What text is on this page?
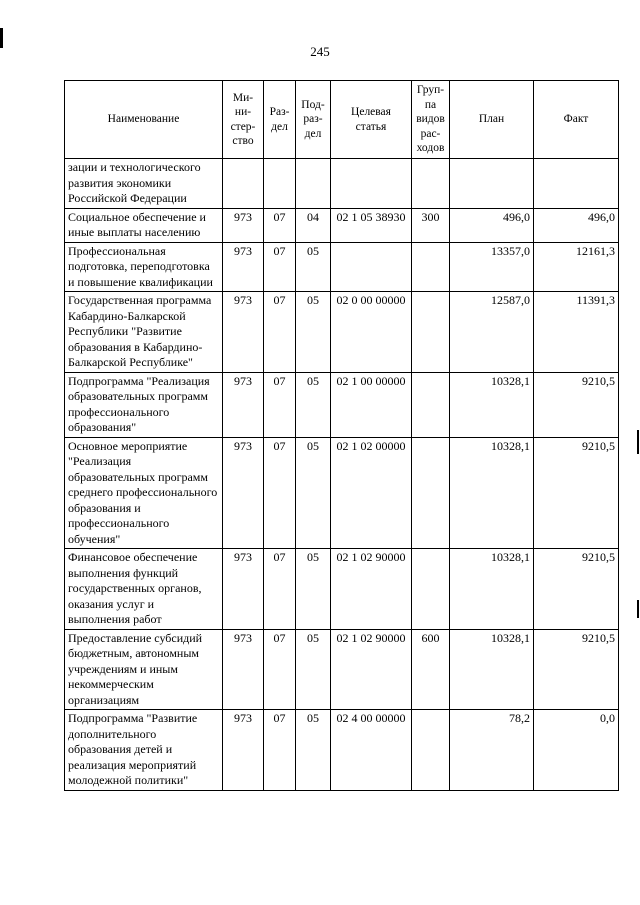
245
Наименование	Ми-
ни-
стер-
ство	Раз-
дел	Под-
раз-
дел	Целевая
статья	Груп-
па
видов
рас-
ходов	План	Факт
зации и технологического развития экономики Российской Федерации							
Социальное обеспечение и иные выплаты населению	973	07	04	02 1 05 38930	300	496,0	496,0
Профессиональная подготовка, переподготовка и повышение квалификации	973	07	05			13357,0	12161,3
Государственная программа Кабардино-Балкарской Республики "Развитие образования в Кабардино-Балкарской Республике"	973	07	05	02 0 00 00000		12587,0	11391,3
Подпрограмма "Реализация образовательных программ профессионального образования"	973	07	05	02 1 00 00000		10328,1	9210,5
Основное мероприятие "Реализация образовательных программ среднего профессионального образования и профессионального обучения"	973	07	05	02 1 02 00000		10328,1	9210,5
Финансовое обеспечение выполнения функций государственных органов, оказания услуг и выполнения работ	973	07	05	02 1 02 90000		10328,1	9210,5
Предоставление субсидий бюджетным, автономным учреждениям и иным некоммерческим организациям	973	07	05	02 1 02 90000	600	10328,1	9210,5
Подпрограмма "Развитие дополнительного образования детей и реализация мероприятий молодежной политики"	973	07	05	02 4 00 00000		78,2	0,0
